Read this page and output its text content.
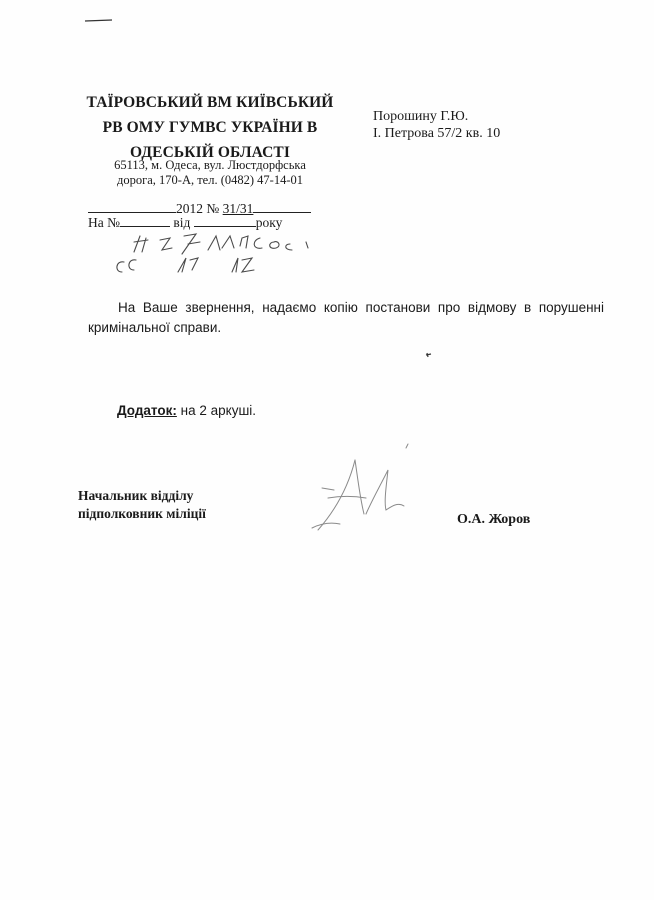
ТАЇРОВСЬКИЙ ВМ КИЇВСЬКИЙ
РВ ОМУ ГУМВС УКРАЇНИ В
ОДЕСЬКІЙ ОБЛАСТІ
65113, м. Одеса, вул. Люстдорфська
дорога, 170-А, тел. (0482) 47-14-01
Порошину Г.Ю.
І. Петрова 57/2 кв. 10
2012 № 31/31
На №	від	року
На Ваше звернення, надаємо копію постанови про відмову в порушенні кримінальної справи.
Додаток: на 2 аркуші.
Начальник відділу
підполковник міліції	О.А. Жоров
